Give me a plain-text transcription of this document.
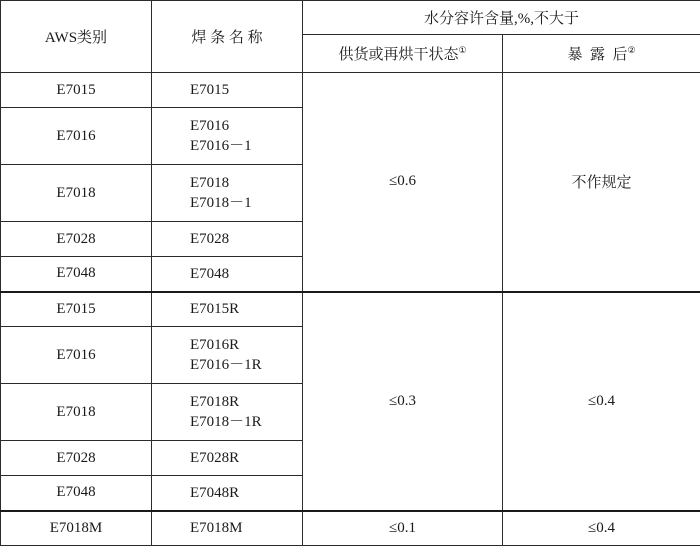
AWS类别	焊 条 名 称	水分容许含量,%,不大于	
		供货或再烘干状态①	暴  露  后②
E7015	E7015	≤0.6	不作规定
E7016	E7016
E7016－1		

E7018	E7018
E7018－1		

E7028	E7028		

E7048	E7048		

E7015	E7015R	≤0.3	≤0.4
E7016	E7016R
E7016－1R		

E7018	E7018R
E7018－1R		

E7028	E7028R		

E7048	E7048R		

E7018M	E7018M	≤0.1	≤0.4
